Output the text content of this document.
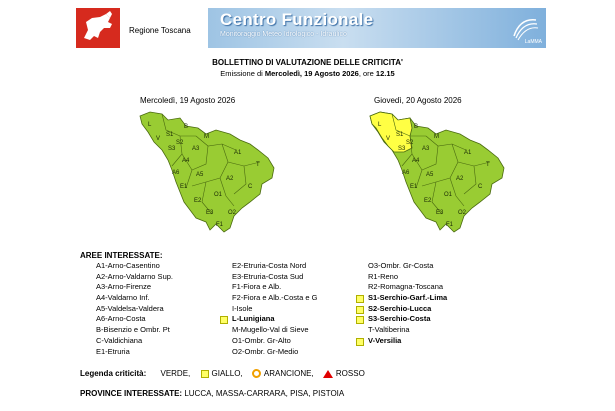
Regione Toscana
Centro Funzionale
Monitoraggio Meteo Idrologico - Idraulico
LaMMA
BOLLETTINO DI VALUTAZIONE DELLE CRITICITA'
Emissione di Mercoledì, 19 Agosto 2026, ore 12.15
Mercoledì, 19 Agosto 2026	Giovedì, 20 Agosto 2026
L
S1
B
M
V
S3
S2
A3
A4
A1
T
A6	A5
A2
C
E1
E2
O1
O2
E3
F1
L
S1
B
M
V
S3
S2
A3
A4
A1
T
A6	A5
A2
C
E1
E2
O1
O2
E3
F1
AREE INTERESSATE:
A1-Arno-Casentino
A2-Arno-Valdarno Sup.
A3-Arno-Firenze
A4-Valdarno Inf.
A5-Valdelsa-Valdera
A6-Arno-Costa
B-Bisenzio e Ombr. Pt
C-Valdichiana
E1-Etruria
E2-Etruria-Costa Nord
E3-Etruria-Costa Sud
F1-Fiora e Alb.
F2-Fiora e Alb.-Costa e G
I-Isole
L-Lunigiana
M-Mugello-Val di Sieve
O1-Ombr. Gr-Alto
O2-Ombr. Gr-Medio
O3-Ombr. Gr-Costa
R1-Reno
R2-Romagna-Toscana
S1-Serchio-Garf.-Lima
S2-Serchio-Lucca
S3-Serchio-Costa
T-Valtiberina
V-Versilia
Legenda criticità: VERDE,	GIALLO,	ARANCIONE,	ROSSO
PROVINCE INTERESSATE: LUCCA, MASSA-CARRARA, PISA, PISTOIA
